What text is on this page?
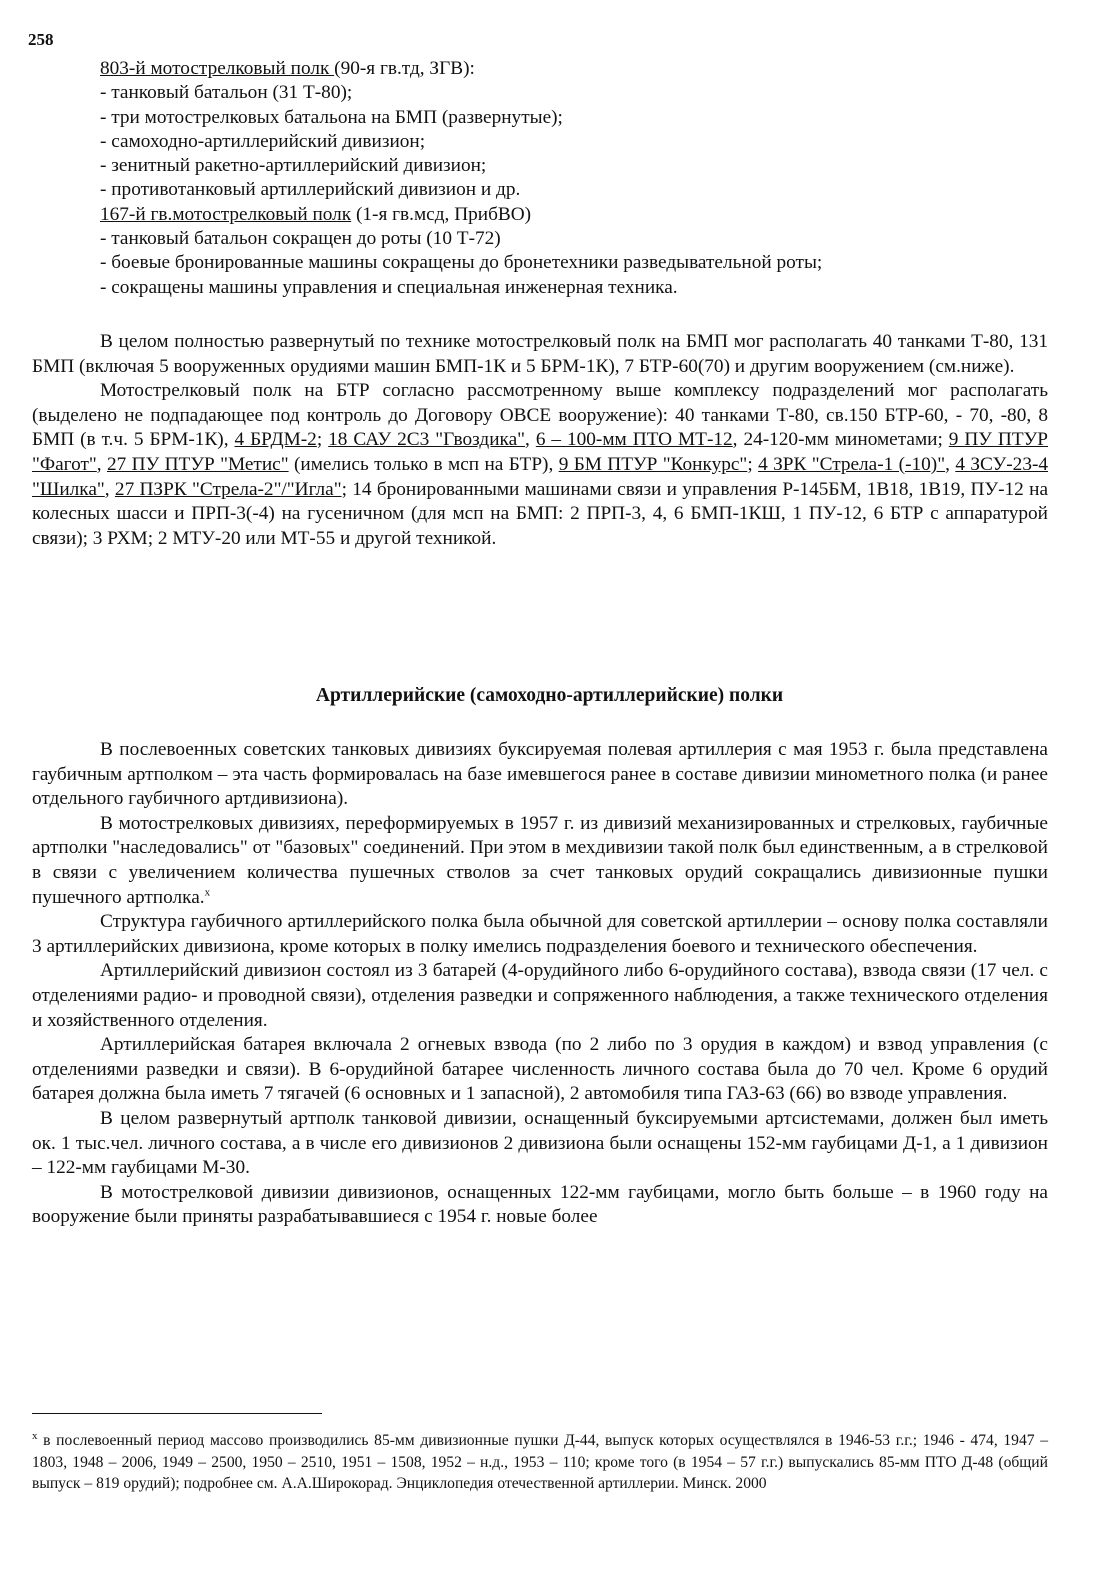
258
803-й мотострелковый полк (90-я гв.тд, ЗГВ):
- танковый батальон (31 Т-80);
- три мотострелковых батальона на БМП (развернутые);
- самоходно-артиллерийский дивизион;
- зенитный ракетно-артиллерийский дивизион;
- противотанковый артиллерийский дивизион и др.
167-й гв.мотострелковый полк (1-я гв.мсд, ПрибВО)
- танковый батальон сокращен до роты (10 Т-72)
- боевые бронированные машины сокращены до бронетехники разведывательной роты;
- сокращены машины управления и специальная инженерная техника.

В целом полностью развернутый по технике мотострелковый полк на БМП мог располагать 40 танками Т-80, 131 БМП (включая 5 вооруженных орудиями машин БМП-1К и 5 БРМ-1К), 7 БТР-60(70) и другим вооружением (см.ниже).

Мотострелковый полк на БТР согласно рассмотренному выше комплексу подразделений мог располагать (выделено не подпадающее под контроль до Договору ОВСЕ вооружение): 40 танками Т-80, св.150 БТР-60, - 70, -80, 8 БМП (в т.ч. 5 БРМ-1К), 4 БРДМ-2; 18 САУ 2С3 "Гвоздика", 6 – 100-мм ПТО МТ-12, 24-120-мм минометами; 9 ПУ ПТУР "Фагот", 27 ПУ ПТУР "Метис" (имелись только в мсп на БТР), 9 БМ ПТУР "Конкурс"; 4 ЗРК "Стрела-1 (-10)", 4 ЗСУ-23-4 "Шилка", 27 ПЗРК "Стрела-2"/"Игла"; 14 бронированными машинами связи и управления Р-145БМ, 1В18, 1В19, ПУ-12 на колесных шасси и ПРП-3(-4) на гусеничном (для мсп на БМП: 2 ПРП-3, 4, 6 БМП-1КШ, 1 ПУ-12, 6 БТР с аппаратурой связи); 3 РХМ; 2 МТУ-20 или МТ-55 и другой техникой.

Артиллерийские (самоходно-артиллерийские) полки

В послевоенных советских танковых дивизиях буксируемая полевая артиллерия с мая 1953 г. была представлена гаубичным артполком – эта часть формировалась на базе имевшегося ранее в составе дивизии минометного полка (и ранее отдельного гаубичного артдивизиона).

В мотострелковых дивизиях, переформируемых в 1957 г. из дивизий механизированных и стрелковых, гаубичные артполки "наследовались" от "базовых" соединений. При этом в мехдивизии такой полк был единственным, а в стрелковой в связи с увеличением количества пушечных стволов за счет танковых орудий сокращались дивизионные пушки пушечного артполка.$^x$

Структура гаубичного артиллерийского полка была обычной для советской артиллерии – основу полка составляли 3 артиллерийских дивизиона, кроме которых в полку имелись подразделения боевого и технического обеспечения.

Артиллерийский дивизион состоял из 3 батарей (4-орудийного либо 6-орудийного состава), взвода связи (17 чел. с отделениями радио- и проводной связи), отделения разведки и сопряженного наблюдения, а также технического отделения и хозяйственного отделения.

Артиллерийская батарея включала 2 огневых взвода (по 2 либо по 3 орудия в каждом) и взвод управления (с отделениями разведки и связи). В 6-орудийной батарее численность личного состава была до 70 чел. Кроме 6 орудий батарея должна была иметь 7 тягачей (6 основных и 1 запасной), 2 автомобиля типа ГАЗ-63 (66) во взводе управления.

В целом развернутый артполк танковой дивизии, оснащенный буксируемыми артсистемами, должен был иметь ок. 1 тыс.чел. личного состава, а в числе его дивизионов 2 дивизиона были оснащены 152-мм гаубицами Д-1, а 1 дивизион – 122-мм гаубицами М-30.

В мотострелковой дивизии дивизионов, оснащенных 122-мм гаубицами, могло быть больше – в 1960 году на вооружение были приняты разрабатывавшиеся с 1954 г. новые более

$^x$ в послевоенный период массово производились 85-мм дивизионные пушки Д-44, выпуск которых осуществлялся в 1946-53 г.г.; 1946 - 474, 1947 – 1803, 1948 – 2006, 1949 – 2500, 1950 – 2510, 1951 – 1508, 1952 – н.д., 1953 – 110; кроме того (в 1954 – 57 г.г.) выпускались 85-мм ПТО Д-48 (общий выпуск – 819 орудий); подробнее см. А.А.Широкорад. Энциклопедия отечественной артиллерии. Минск. 2000
